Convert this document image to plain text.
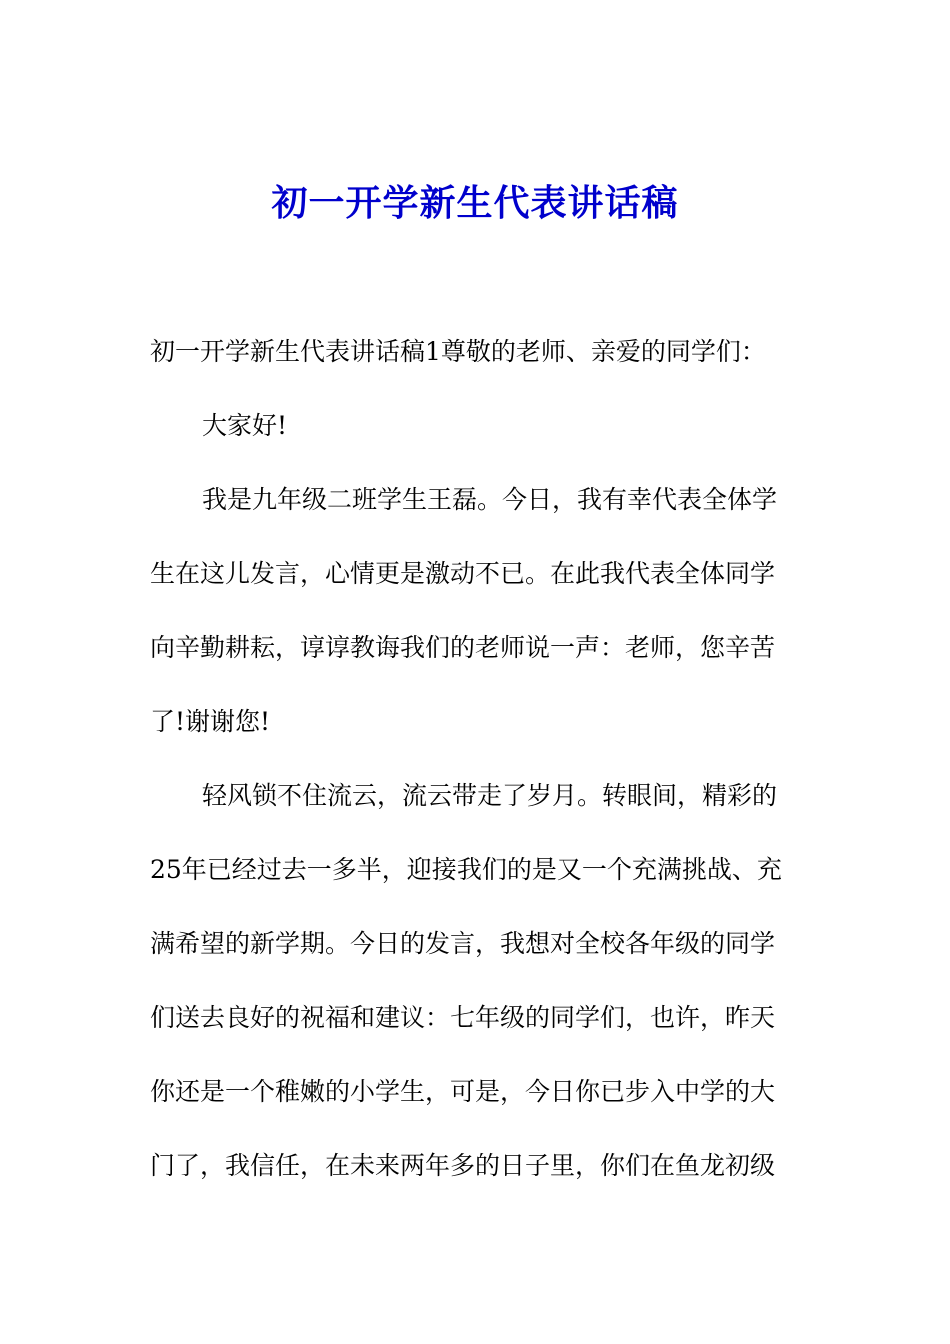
初一开学新生代表讲话稿

初一开学新生代表讲话稿1尊敬的老师、亲爱的同学们：

大家好!

我是九年级二班学生王磊。今日，我有幸代表全体学

生在这儿发言，心情更是激动不已。在此我代表全体同学

向辛勤耕耘，谆谆教诲我们的老师说一声：老师，您辛苦

了!谢谢您!

轻风锁不住流云，流云带走了岁月。转眼间，精彩的

25年已经过去一多半，迎接我们的是又一个充满挑战、充

满希望的新学期。今日的发言，我想对全校各年级的同学

们送去良好的祝福和建议：七年级的同学们，也许，昨天

你还是一个稚嫩的小学生，可是，今日你已步入中学的大

门了，我信任，在未来两年多的日子里，你们在鱼龙初级
